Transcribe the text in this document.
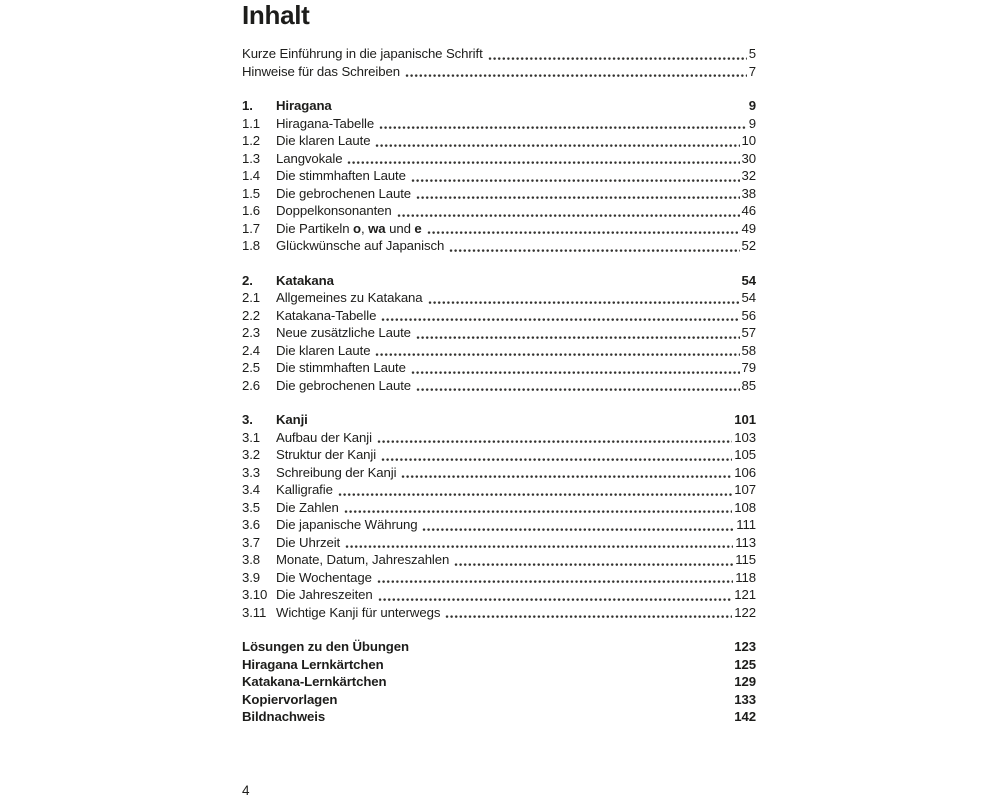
Inhalt
Kurze Einführung in die japanische Schrift	5
Hinweise für das Schreiben	7
1.	Hiragana	9
1.1	Hiragana-Tabelle	9
1.2	Die klaren Laute	10
1.3	Langvokale	30
1.4	Die stimmhaften Laute	32
1.5	Die gebrochenen Laute	38
1.6	Doppelkonsonanten	46
1.7	Die Partikeln o, wa und e	49
1.8	Glückwünsche auf Japanisch	52
2.	Katakana	54
2.1	Allgemeines zu Katakana	54
2.2	Katakana-Tabelle	56
2.3	Neue zusätzliche Laute	57
2.4	Die klaren Laute	58
2.5	Die stimmhaften Laute	79
2.6	Die gebrochenen Laute	85
3.	Kanji	101
3.1	Aufbau der Kanji	103
3.2	Struktur der Kanji	105
3.3	Schreibung der Kanji	106
3.4	Kalligrafie	107
3.5	Die Zahlen	108
3.6	Die japanische Währung	111
3.7	Die Uhrzeit	113
3.8	Monate, Datum, Jahreszahlen	115
3.9	Die Wochentage	118
3.10 Die Jahreszeiten	121
3.11 Wichtige Kanji für unterwegs	122
Lösungen zu den Übungen	123
Hiragana Lernkärtchen	125
Katakana-Lernkärtchen	129
Kopiervorlagen	133
Bildnachweis	142
4
